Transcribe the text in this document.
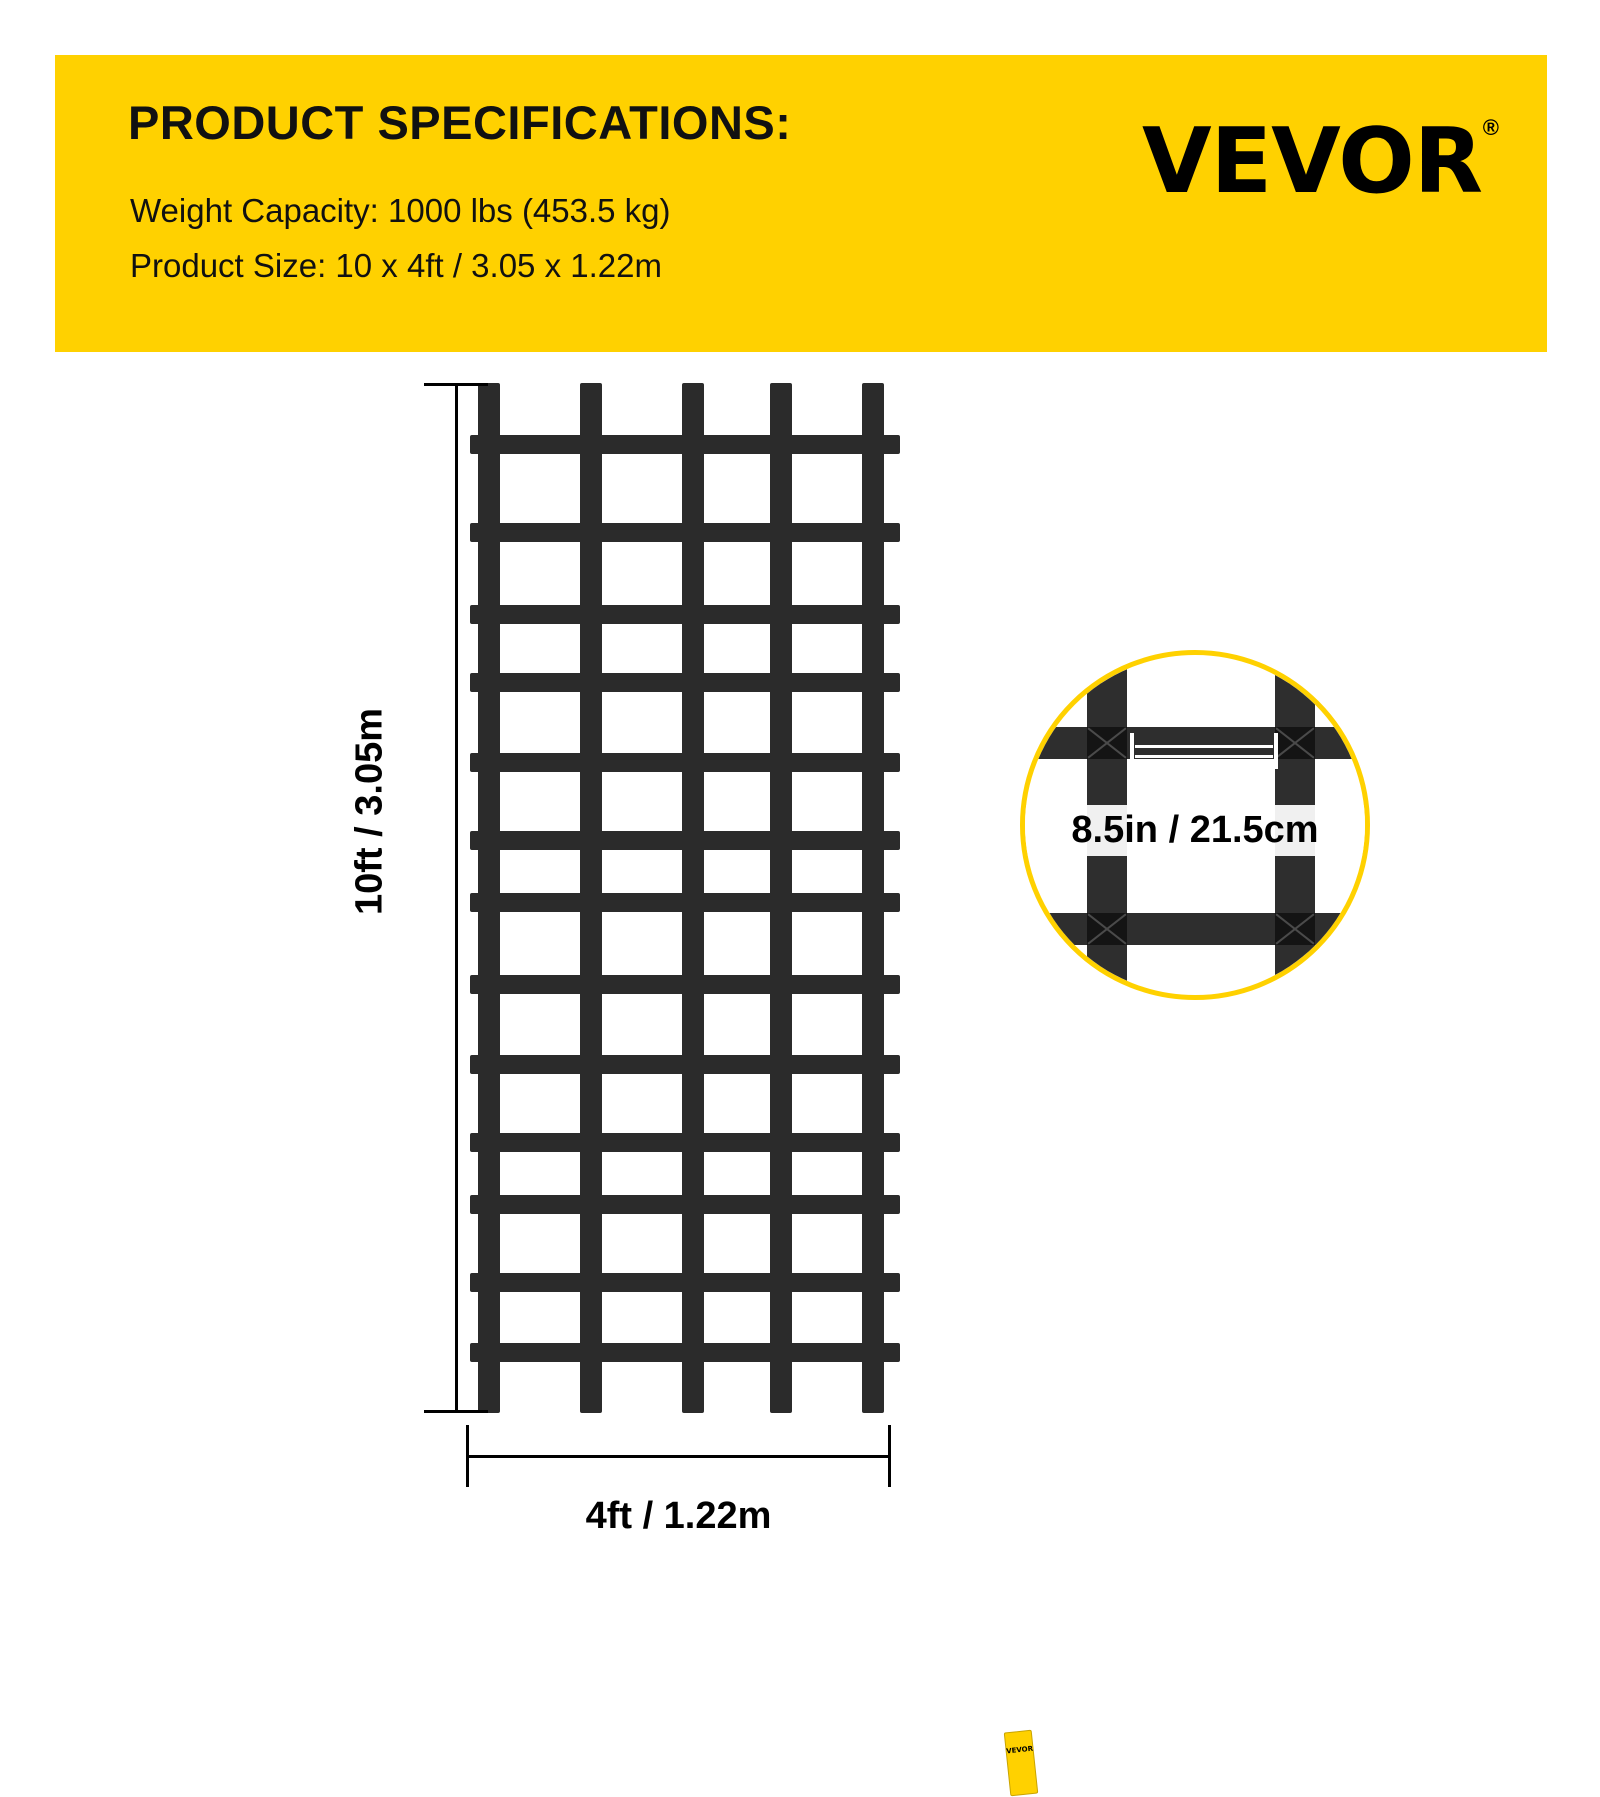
PRODUCT SPECIFICATIONS:
Weight Capacity: 1000 lbs (453.5 kg)
Product Size: 10 x 4ft / 3.05 x 1.22m
VEVOR ®
VEVOR
10ft / 3.05m
4ft / 1.22m
8.5in / 21.5cm
